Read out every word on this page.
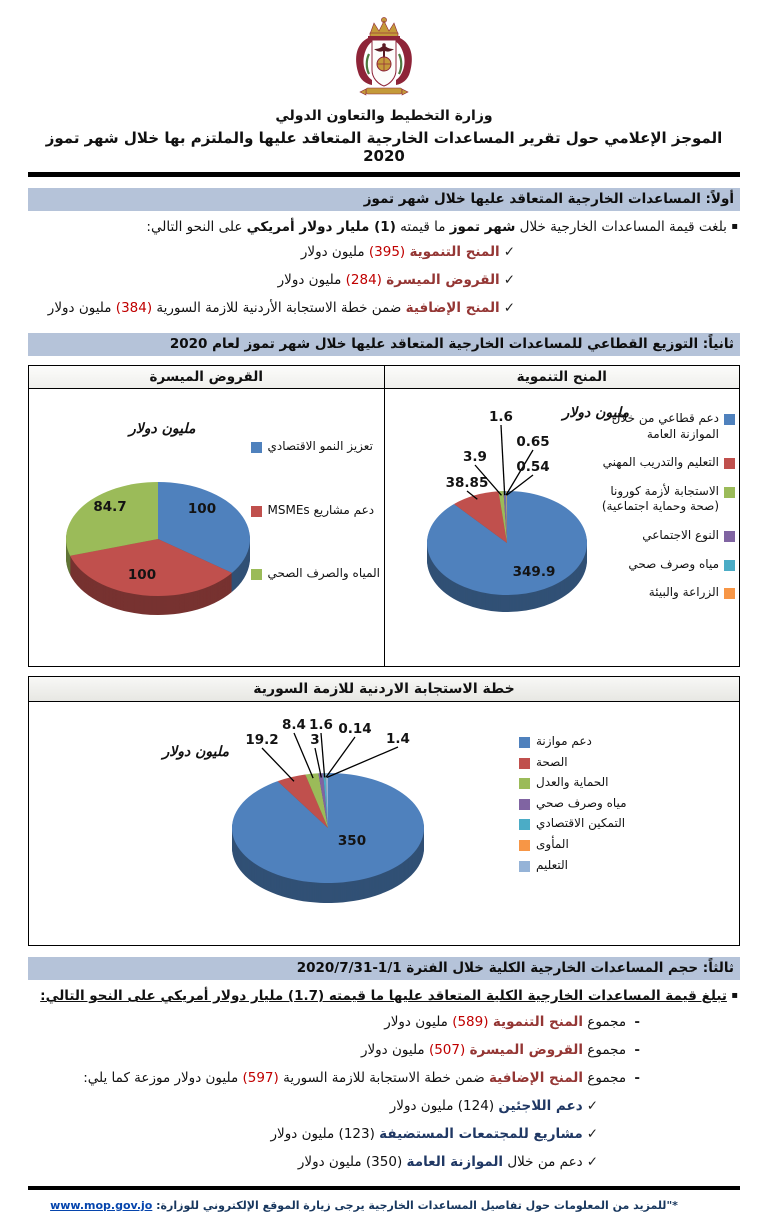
وزارة التخطيط والتعاون الدولي
الموجز الإعلامي حول تقرير المساعدات الخارجية المتعاقد عليها والملتزم بها خلال شهر تموز 2020
أولاً: المساعدات الخارجية المتعاقد عليها خلال شهر تموز
▪ بلغت قيمة المساعدات الخارجية خلال شهر تموز ما قيمته (1) مليار دولار أمريكي على النحو التالي:
✓المنح التنموية (395) مليون دولار
✓القروض الميسرة (284) مليون دولار
✓المنح الإضافية ضمن خطة الاستجابة الأردنية للازمة السورية (384) مليون دولار
ثانياً: التوزيع القطاعي للمساعدات الخارجية المتعاقد عليها خلال شهر تموز لعام 2020
المنح التنموية
القروض الميسرة
مليون دولار
349.9
38.85
3.9
1.6
0.65
0.54
دعم قطاعي من خلال الموازنة العامة
التعليم والتدريب المهني
الاستجابة لأزمة كورونا (صحة وحماية اجتماعية)
النوع الاجتماعي
مياه وصرف صحي
الزراعة والبيئة
مليون دولار
100
100
84.7
تعزيز النمو الاقتصادي
دعم مشاريع MSMEs
المياه والصرف الصحي
خطة الاستجابة الاردنية للازمة السورية
مليون دولار
350
19.2
8.4
3
1.6 0.14
1.4	دعم موازنة
الصحة
الحماية والعدل
مياه وصرف صحي
التمكين الاقتصادي
المأوى
التعليم
ثالثاً: حجم المساعدات الخارجية الكلية خلال الفترة 2020/7/31-1/1
▪ تبلغ قيمة المساعدات الخارجية الكلية المتعاقد عليها ما قيمته (1.7) مليار دولار أمريكي على النحو التالي:
- مجموع المنح التنموية (589) مليون دولار
- مجموع القروض الميسرة (507) مليون دولار
- مجموع المنح الإضافية ضمن خطة الاستجابة للازمة السورية (597) مليون دولار موزعة كما يلي:
✓دعم اللاجئين (124) مليون دولار
✓مشاريع للمجتمعات المستضيفة (123) مليون دولار
✓دعم من خلال الموازنة العامة (350) مليون دولار
*"للمزيد من المعلومات حول تفاصيل المساعدات الخارجية يرجى زيارة الموقع الإلكتروني للوزارة: www.mop.gov.jo
